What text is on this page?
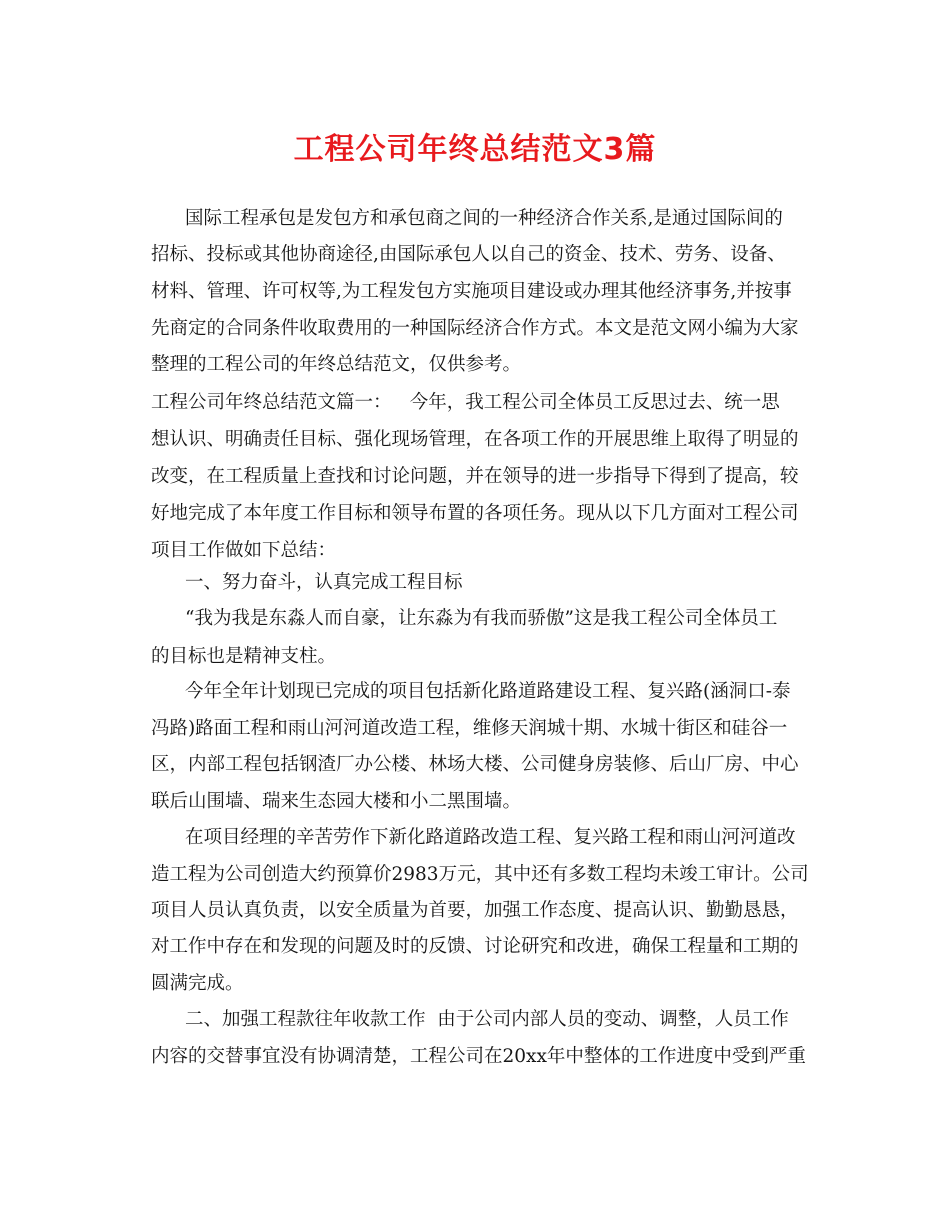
工程公司年终总结范文3篇
国际工程承包是发包方和承包商之间的一种经济合作关系,是通过国际间的
招标、投标或其他协商途径,由国际承包人以自己的资金、技术、劳务、设备、
材料、管理、许可权等,为工程发包方实施项目建设或办理其他经济事务,并按事
先商定的合同条件收取费用的一种国际经济合作方式。本文是范文网小编为大家
整理的工程公司的年终总结范文，仅供参考。
工程公司年终总结范文篇一：	今年，我工程公司全体员工反思过去、统一思
想认识、明确责任目标、强化现场管理，在各项工作的开展思维上取得了明显的
改变，在工程质量上查找和讨论问题，并在领导的进一步指导下得到了提高，较
好地完成了本年度工作目标和领导布置的各项任务。现从以下几方面对工程公司
项目工作做如下总结：
一、努力奋斗，认真完成工程目标
“我为我是东淼人而自豪，让东淼为有我而骄傲”这是我工程公司全体员工
的目标也是精神支柱。
今年全年计划现已完成的项目包括新化路道路建设工程、复兴路(涵洞口-泰
冯路)路面工程和雨山河河道改造工程，维修天润城十期、水城十街区和硅谷一
区，内部工程包括钢渣厂办公楼、林场大楼、公司健身房装修、后山厂房、中心
联后山围墙、瑞来生态园大楼和小二黑围墙。
在项目经理的辛苦劳作下新化路道路改造工程、复兴路工程和雨山河河道改
造工程为公司创造大约预算价2983万元，其中还有多数工程均未竣工审计。公司
项目人员认真负责，以安全质量为首要，加强工作态度、提高认识、勤勤恳恳，
对工作中存在和发现的问题及时的反馈、讨论研究和改进，确保工程量和工期的
圆满完成。
二、加强工程款往年收款工作  由于公司内部人员的变动、调整，人员工作
内容的交替事宜没有协调清楚，工程公司在20xx年中整体的工作进度中受到严重
